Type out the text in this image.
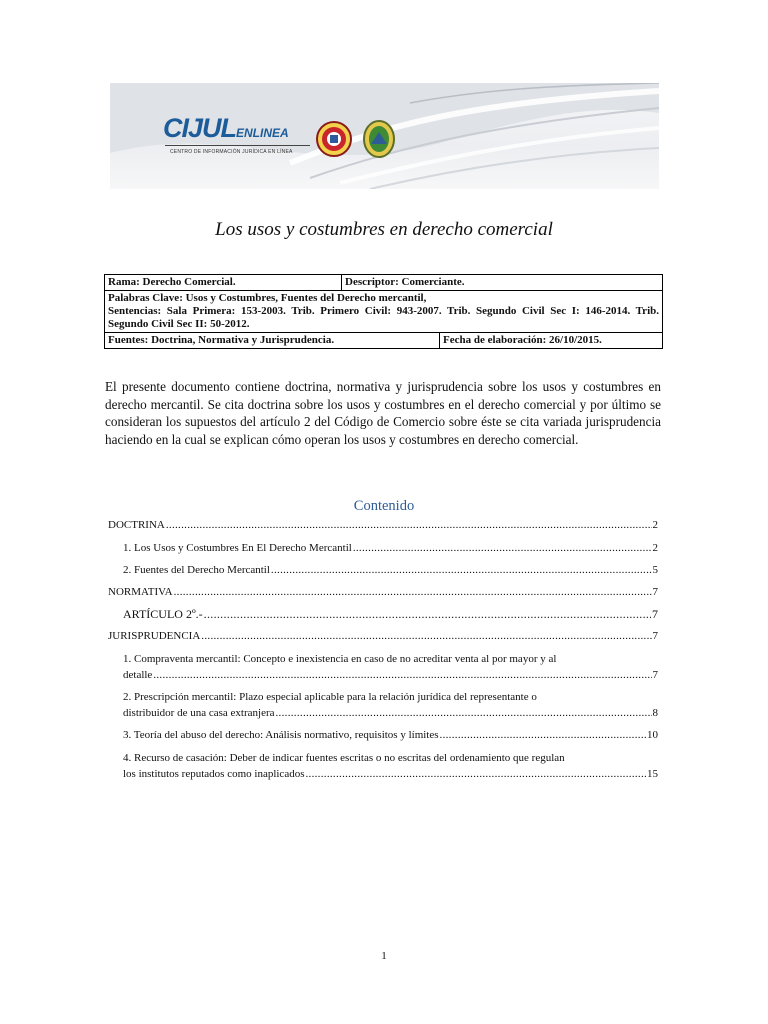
CIJULENLINEA
CENTRO DE INFORMACIÓN JURÍDICA EN LÍNEA
Los usos y costumbres en derecho comercial
Rama: Derecho Comercial.	Descriptor: Comerciante.
Palabras Clave: Usos y Costumbres, Fuentes del Derecho mercantil,
Sentencias: Sala Primera: 153-2003. Trib. Primero Civil: 943-2007. Trib. Segundo Civil Sec I: 146-2014. Trib. Segundo Civil Sec II: 50-2012.
Fuentes: Doctrina, Normativa y Jurisprudencia.	Fecha de elaboración: 26/10/2015.
El presente documento contiene doctrina, normativa y jurisprudencia sobre los usos y costumbres en derecho mercantil. Se cita doctrina sobre los usos y costumbres en el derecho comercial y por último se consideran los supuestos del artículo 2 del Código de Comercio sobre éste se cita variada jurisprudencia haciendo en la cual se explican cómo operan los usos y costumbres en derecho comercial.
Contenido
DOCTRINA .....	2
1. Los Usos y Costumbres En El Derecho Mercantil .....	2
2. Fuentes del Derecho Mercantil .....	5
NORMATIVA .....	7
ARTÍCULO 2º.- .....	7
JURISPRUDENCIA .....	7
1. Compraventa mercantil: Concepto e inexistencia en caso de no acreditar venta al por mayor y al
detalle .....	7
2. Prescripción mercantil: Plazo especial aplicable para la relación jurídica del representante o
distribuidor de una casa extranjera .....	8
3. Teoría del abuso del derecho: Análisis normativo, requisitos y límites .....	10
4. Recurso de casación: Deber de indicar fuentes escritas o no escritas del ordenamiento que regulan
los institutos reputados como inaplicados .....	15
1
